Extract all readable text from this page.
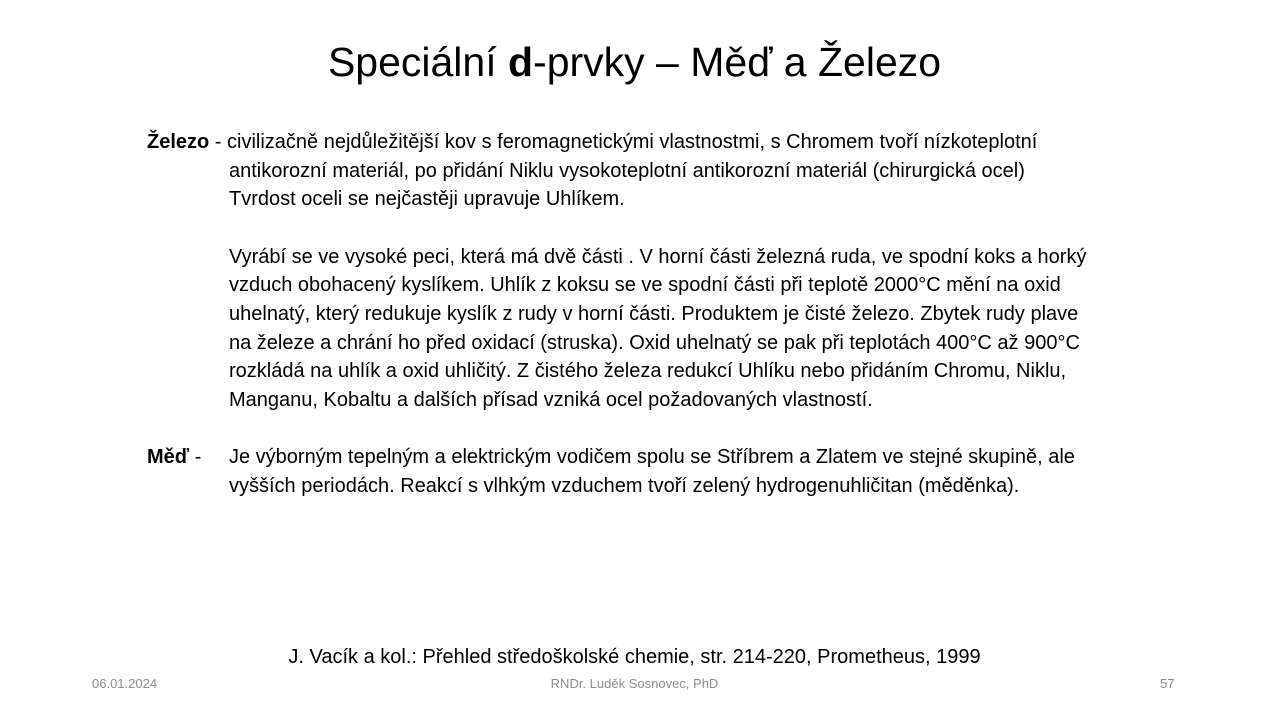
Speciální d-prvky – Měď a Železo
Železo - civilizačně nejdůležitější kov s feromagnetickými vlastnostmi, s Chromem tvoří nízkoteplotní
antikorozní materiál, po přidání Niklu vysokoteplotní antikorozní materiál (chirurgická ocel)
Tvrdost oceli se nejčastěji upravuje Uhlíkem.
Vyrábí se ve vysoké peci, která má dvě části . V horní části železná ruda, ve spodní koks a horký
vzduch obohacený kyslíkem. Uhlík z koksu se ve spodní části při teplotě 2000°C mění na oxid
uhelnatý, který redukuje kyslík z rudy v horní části. Produktem je čisté železo. Zbytek rudy plave
na železe a chrání ho před oxidací (struska). Oxid uhelnatý se pak při teplotách 400°C až 900°C
rozkládá na uhlík a oxid uhličitý. Z čistého železa redukcí Uhlíku nebo přidáním Chromu, Niklu,
Manganu, Kobaltu a dalších přísad vzniká ocel požadovaných vlastností.
Měď -	Je výborným tepelným a elektrickým vodičem spolu se Stříbrem a Zlatem ve stejné skupině, ale
vyšších periodách. Reakcí s vlhkým vzduchem tvoří zelený hydrogenuhličitan (měděnka).
J. Vacík a kol.: Přehled středoškolské chemie, str. 214-220, Prometheus, 1999
06.01.2024	RNDr. Luděk Sosnovec, PhD	57
